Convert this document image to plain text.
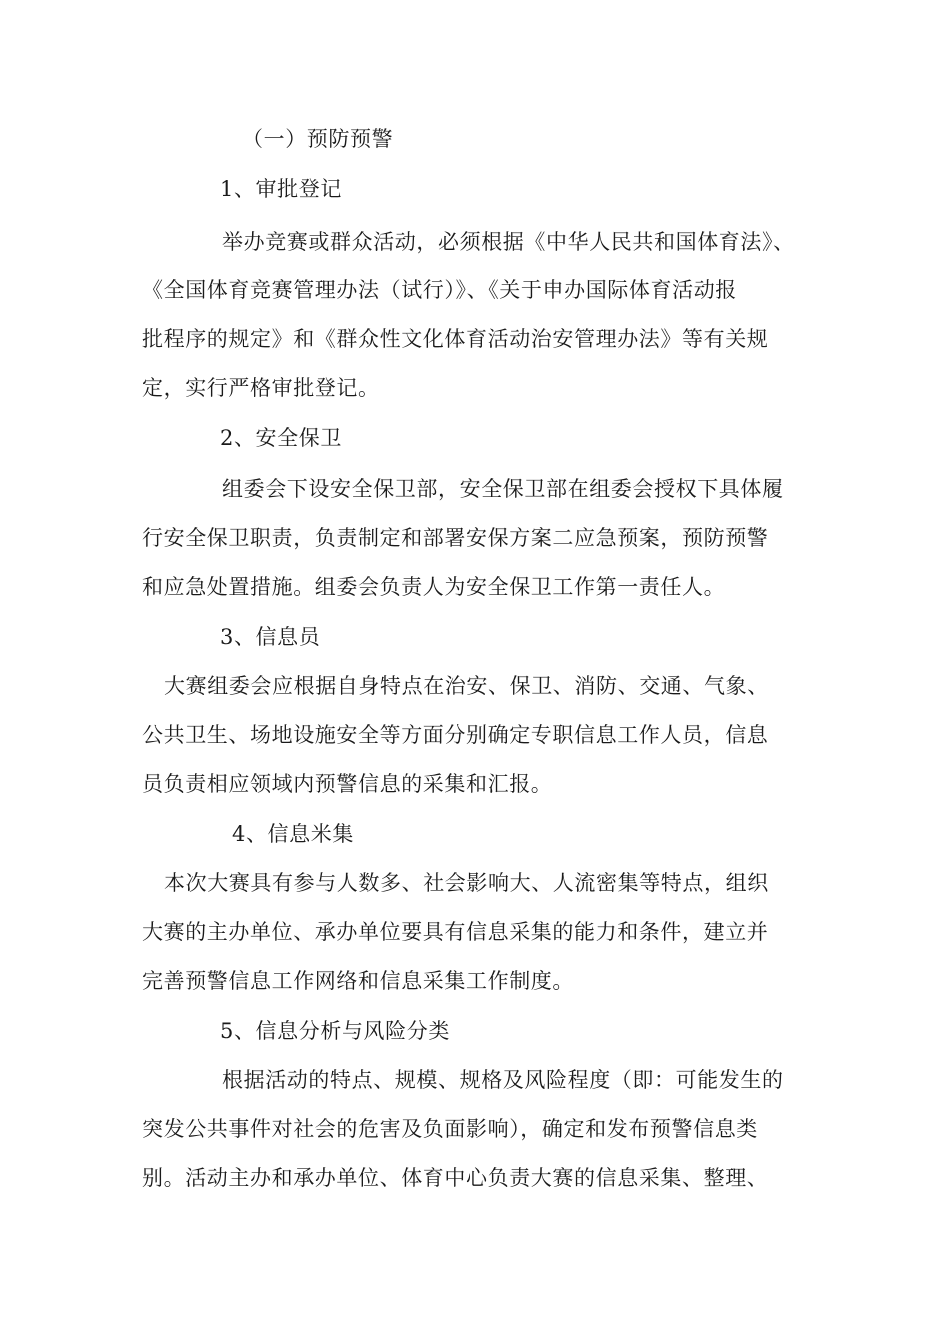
（一）预防预警
1、审批登记
举办竞赛或群众活动，必须根据《中华人民共和国体育法》、
《全国体育竞赛管理办法（试行）》、《关于申办国际体育活动报
批程序的规定》和《群众性文化体育活动治安管理办法》等有关规
定，实行严格审批登记。
2、安全保卫
组委会下设安全保卫部，安全保卫部在组委会授权下具体履
行安全保卫职责，负责制定和部署安保方案二应急预案，预防预警
和应急处置措施。组委会负责人为安全保卫工作第一责任人。
3、信息员
大赛组委会应根据自身特点在治安、保卫、消防、交通、气象、
公共卫生、场地设施安全等方面分别确定专职信息工作人员，信息
员负责相应领域内预警信息的采集和汇报。
4、信息米集
本次大赛具有参与人数多、社会影响大、人流密集等特点，组织
大赛的主办单位、承办单位要具有信息采集的能力和条件，建立并
完善预警信息工作网络和信息采集工作制度。
5、信息分析与风险分类
根据活动的特点、规模、规格及风险程度（即：可能发生的
突发公共事件对社会的危害及负面影响），确定和发布预警信息类
别。活动主办和承办单位、体育中心负责大赛的信息采集、整理、
